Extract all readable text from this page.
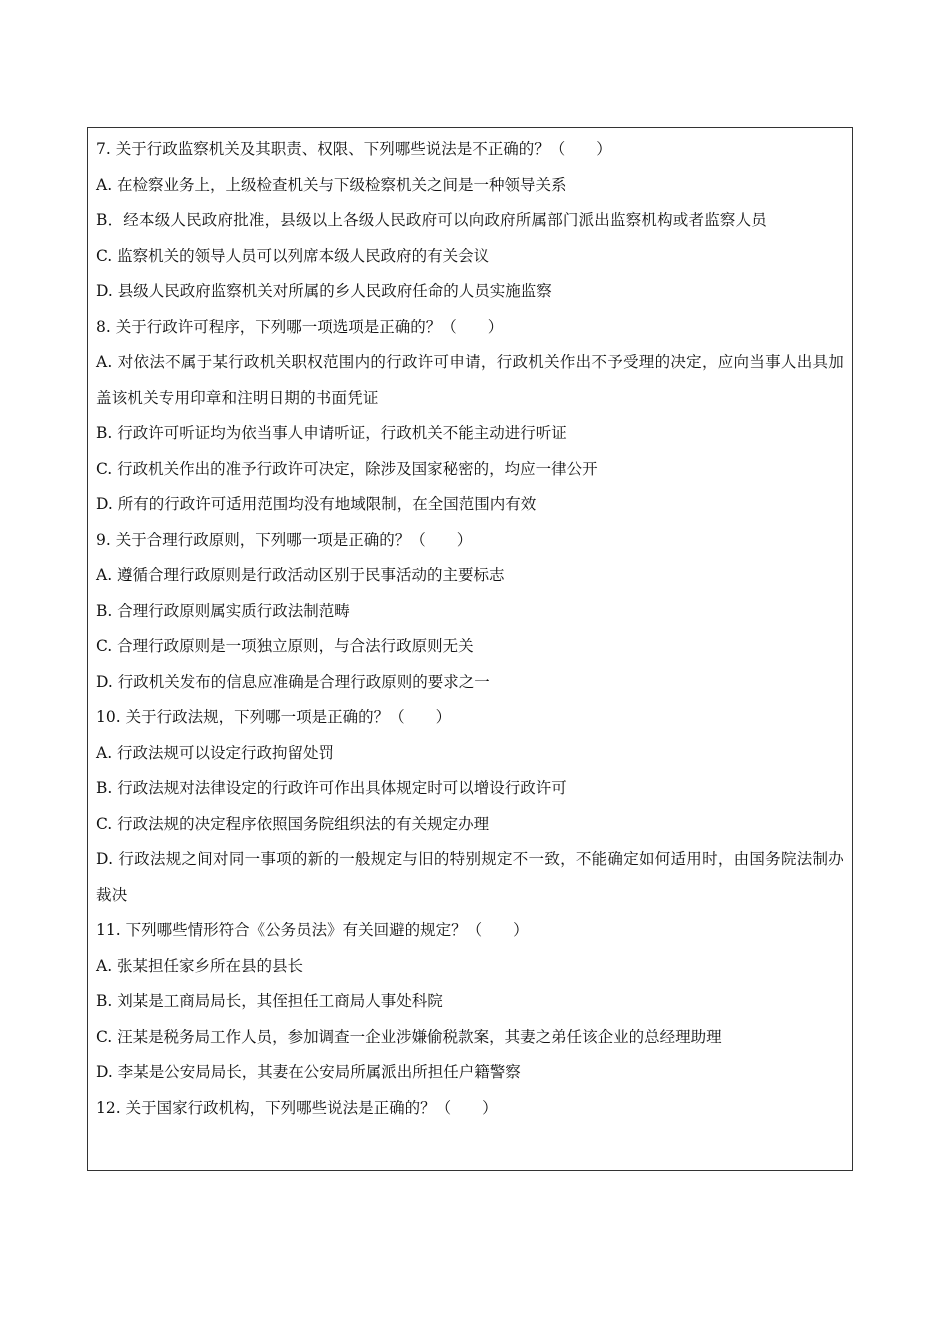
7. 关于行政监察机关及其职责、权限、下列哪些说法是不正确的？（　　）
A. 在检察业务上，上级检查机关与下级检察机关之间是一种领导关系
B．经本级人民政府批准，县级以上各级人民政府可以向政府所属部门派出监察机构或者监察人员
C. 监察机关的领导人员可以列席本级人民政府的有关会议
D. 县级人民政府监察机关对所属的乡人民政府任命的人员实施监察
8. 关于行政许可程序，下列哪一项选项是正确的？（　　）
A. 对依法不属于某行政机关职权范围内的行政许可申请，行政机关作出不予受理的决定，应向当事人出具加盖该机关专用印章和注明日期的书面凭证
B. 行政许可听证均为依当事人申请听证，行政机关不能主动进行听证
C. 行政机关作出的准予行政许可决定，除涉及国家秘密的，均应一律公开
D. 所有的行政许可适用范围均没有地域限制，在全国范围内有效
9. 关于合理行政原则，下列哪一项是正确的？（　　）
A. 遵循合理行政原则是行政活动区别于民事活动的主要标志
B. 合理行政原则属实质行政法制范畴
C. 合理行政原则是一项独立原则，与合法行政原则无关
D. 行政机关发布的信息应准确是合理行政原则的要求之一
10. 关于行政法规，下列哪一项是正确的？（　　）
A. 行政法规可以设定行政拘留处罚
B. 行政法规对法律设定的行政许可作出具体规定时可以增设行政许可
C. 行政法规的决定程序依照国务院组织法的有关规定办理
D. 行政法规之间对同一事项的新的一般规定与旧的特别规定不一致，不能确定如何适用时，由国务院法制办裁决
11. 下列哪些情形符合《公务员法》有关回避的规定？（　　）
A. 张某担任家乡所在县的县长
B. 刘某是工商局局长，其侄担任工商局人事处科院
C. 汪某是税务局工作人员，参加调查一企业涉嫌偷税款案，其妻之弟任该企业的总经理助理
D. 李某是公安局局长，其妻在公安局所属派出所担任户籍警察
12. 关于国家行政机构，下列哪些说法是正确的？（　　）
